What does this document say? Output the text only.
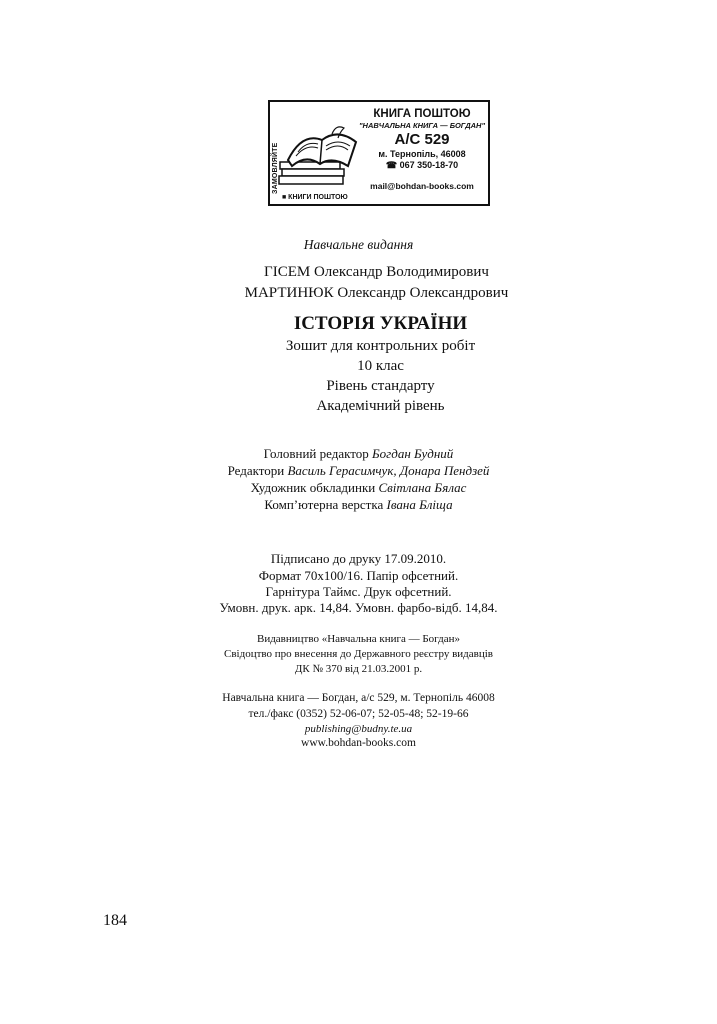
ЗАМОВЛЯЙТЕ
■ КНИГИ ПОШТОЮ
КНИГА ПОШТОЮ
"НАВЧАЛЬНА КНИГА — БОГДАН"
А/С 529
м. Тернопіль, 46008
☎ 067 350-18-70
mail@bohdan-books.com
Навчальне видання
ГІСЕМ Олександр Володимирович
МАРТИНЮК Олександр Олександрович
ІСТОРІЯ УКРАЇНИ
Зошит для контрольних робіт
10 клас
Рівень стандарту
Академічний рівень
Головний редактор Богдан Будний
Редактори Василь Герасимчук, Донара Пендзей
Художник обкладинки Світлана Бялас
Комп’ютерна верстка Івана Бліща
Підписано до друку 17.09.2010.
Формат 70x100/16. Папір офсетний.
Гарнітура Таймс. Друк офсетний.
Умовн. друк. арк. 14,84. Умовн. фарбо-відб. 14,84.
Видавництво «Навчальна книга — Богдан»
Свідоцтво про внесення до Державного реєстру видавців
ДК № 370 від 21.03.2001 р.
Навчальна книга — Богдан, а/с 529, м. Тернопіль 46008
тел./факс (0352) 52-06-07; 52-05-48; 52-19-66
publishing@budny.te.ua
www.bohdan-books.com
184
